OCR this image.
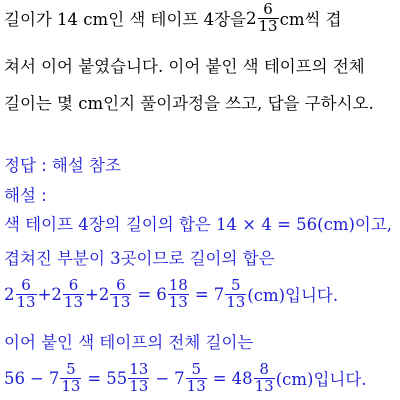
길이가 14 cm인 색 테이프 4장을 $2 \frac{6}{13}$ cm씩 겹
쳐서 이어 붙였습니다. 이어 붙인 색 테이프의 전체
길이는 몇 cm인지 풀이과정을 쓰고, 답을 구하시오.
정답 : 해설 참조
해설 :
색 테이프 4장의 길이의 합은 14 × 4 = 56(cm)이고,
겹쳐진 부분이 3곳이므로 길이의 합은
$2 \frac{6}{13} + 2 \frac{6}{13} + 2 \frac{6}{13} = 6 \frac{18}{13} = 7 \frac{5}{13} (cm)$입니다.
이어 붙인 색 테이프의 전체 길이는
$56 - 7 \frac{5}{13} = 55 \frac{13}{13} - 7 \frac{5}{13} = 48 \frac{8}{13} (cm)$입니다.
